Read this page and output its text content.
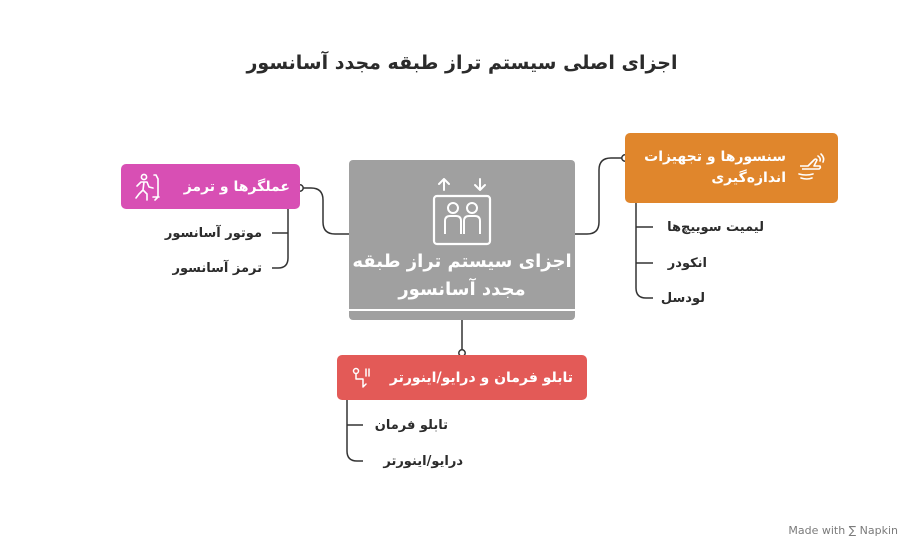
اجزای اصلی سیستم تراز طبقه مجدد آسانسور
اجزای سیستم تراز طبقه مجدد آسانسور
عملگرها و ترمز
موتور آسانسور
ترمز آسانسور
سنسورها و تجهیزات اندازه‌گیری
لیمیت سوییچ‌ها
انکودر
لودسل
تابلو فرمان و درایو/اینورتر
تابلو فرمان
درایو/اینورتر
Made with ∑ Napkin
